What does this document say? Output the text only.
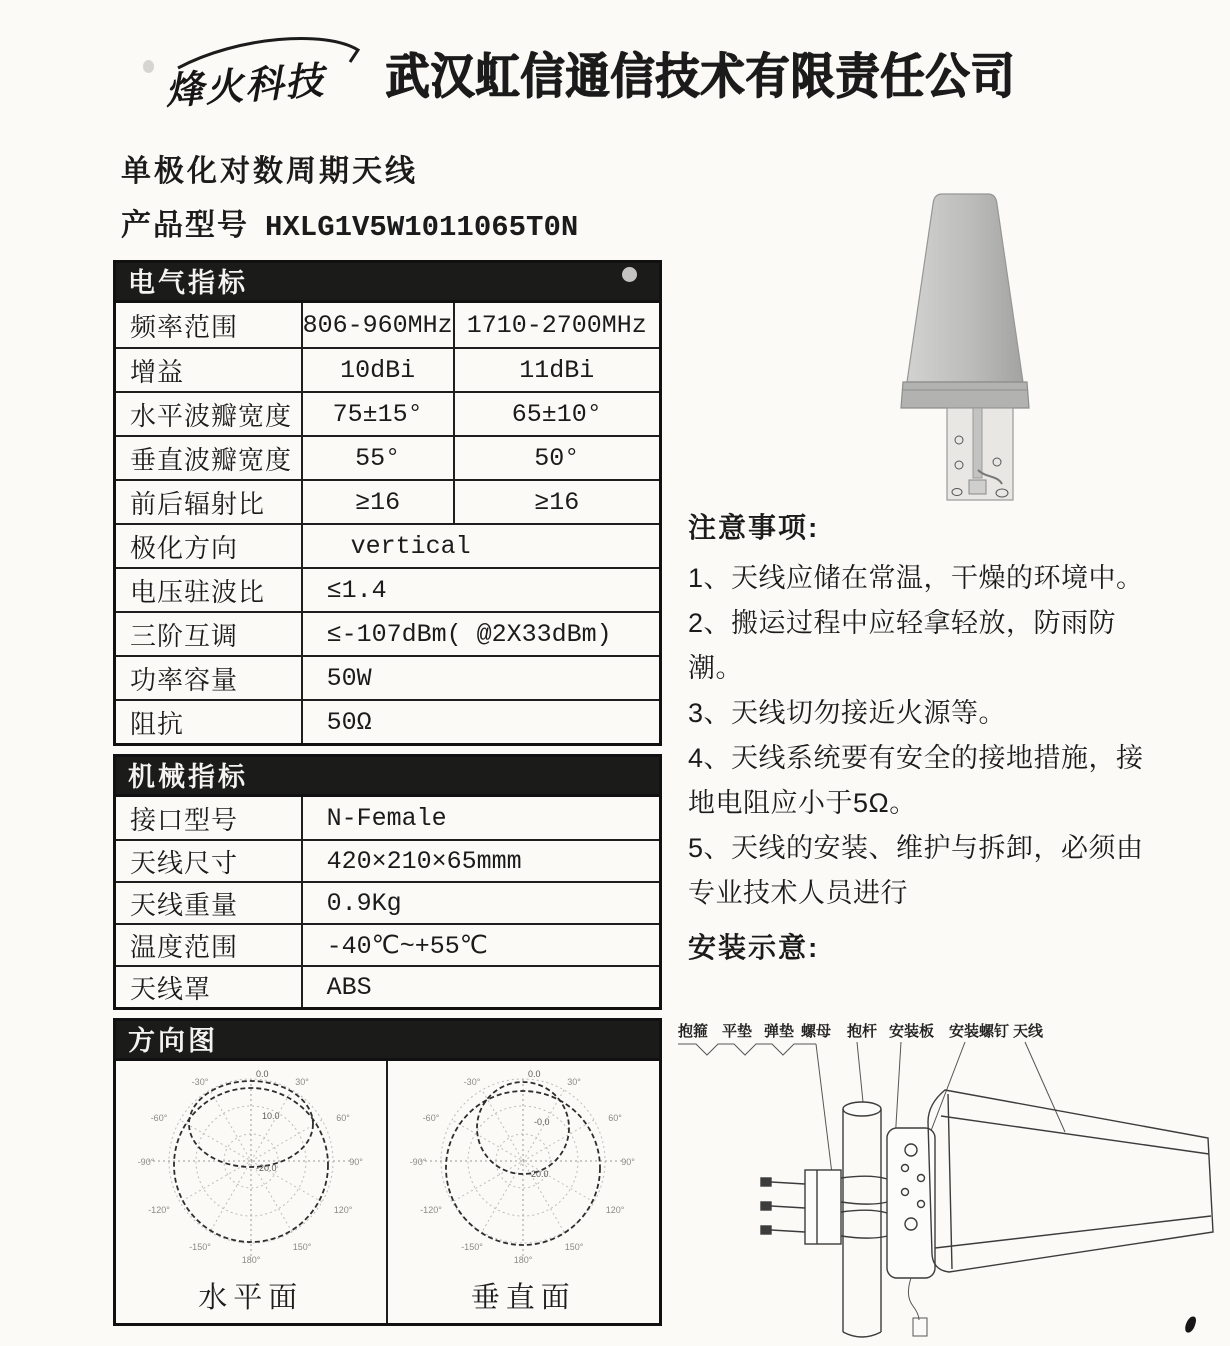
烽火科技 武汉虹信通信技术有限责任公司
单极化对数周期天线
产品型号 HXLG1V5W1011065T0N
电气指标
频率范围	806-960MHz 1710-2700MHz
增益	10dBi	11dBi
水平波瓣宽度	75±15°	65±10°
垂直波瓣宽度	55°	50°
前后辐射比	≥16	≥16
极化方向	vertical
电压驻波比	≤1.4
三阶互调	≤-107dBm( @2X33dBm)
功率容量	50W
阻抗	50Ω
机械指标
接口型号	N-Female
天线尺寸	420×210×65mmm
天线重量	0.9Kg
温度范围	-40℃~+55℃
天线罩	ABS
方向图
-30°	30°
-60°	60°
-90°	90°
-120°	120°
-150°	150°
180°
0.0
10.0
-20.0
水平面
-30°	30°
-60°	60°
-90°	90°
-120°	120°
-150°	150°
180°
0.0
-0.0
-20.0
垂直面
注意事项:
1、天线应储在常温，干燥的环境中。
2、搬运过程中应轻拿轻放，防雨防潮。
3、天线切勿接近火源等。
4、天线系统要有安全的接地措施，接地电阻应小于5Ω。
5、天线的安装、维护与拆卸，必须由专业技术人员进行
安装示意:
抱箍 平垫 弹垫 螺母 抱杆 安装板 安装螺钉 天线
